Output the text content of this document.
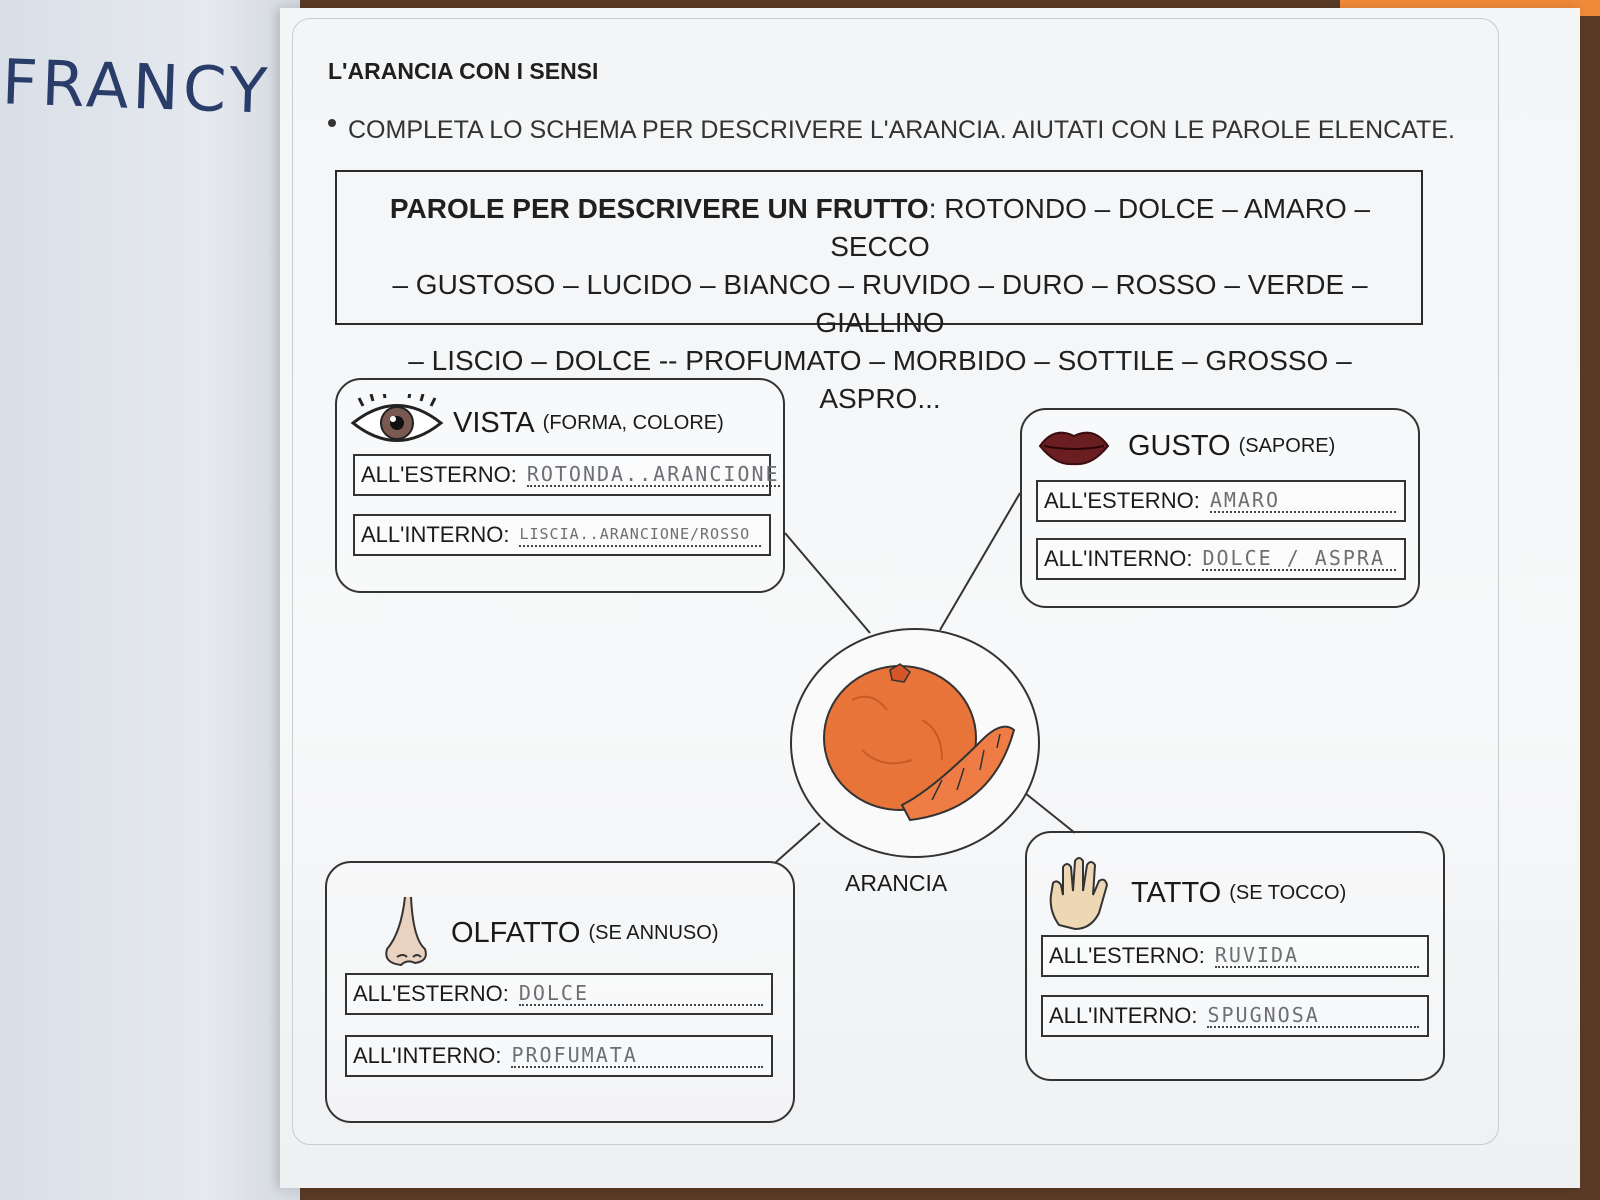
FRANCY L'ARANCIA CON I SENSI
COMPLETA LO SCHEMA PER DESCRIVERE L'ARANCIA. AIUTATI CON LE PAROLE ELENCATE.
PAROLE PER DESCRIVERE UN FRUTTO: ROTONDO – DOLCE – AMARO – SECCO
– GUSTOSO – LUCIDO – BIANCO – RUVIDO – DURO – ROSSO – VERDE – GIALLINO
– LISCIO – DOLCE -- PROFUMATO – MORBIDO – SOTTILE – GROSSO – ASPRO...
VISTA (FORMA, COLORE)
ALL'ESTERNO: ROTONDA..ARANCIONE
ALL'INTERNO: LISCIA..ARANCIONE/ROSSO
GUSTO (SAPORE)
ALL'ESTERNO: AMARO
ALL'INTERNO: DOLCE / ASPRA
ARANCIA
OLFATTO (SE ANNUSO)
ALL'ESTERNO: DOLCE
ALL'INTERNO: PROFUMATA
TATTO (SE TOCCO)
ALL'ESTERNO: RUVIDA
ALL'INTERNO: SPUGNOSA
